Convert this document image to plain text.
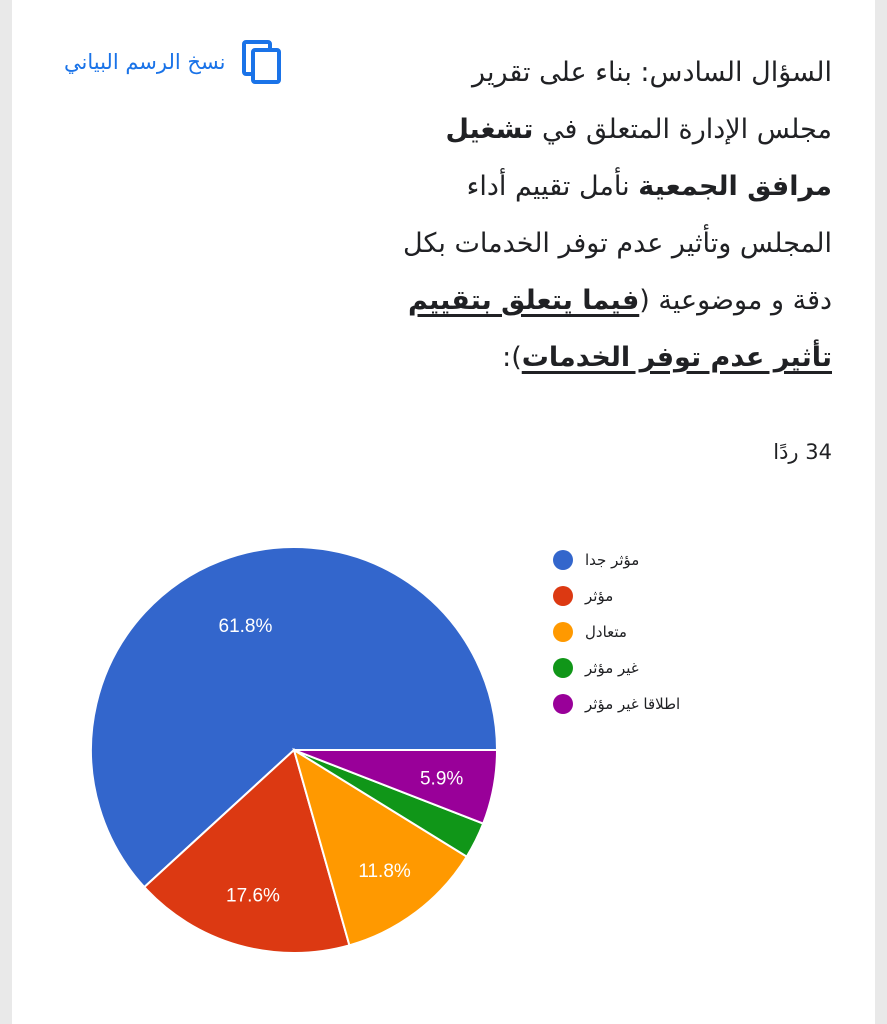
نسخ الرسم البياني	السؤال السادس: بناء على تقرير مجلس الإدارة المتعلق في تشغيل مرافق الجمعية نأمل تقييم أداء المجلس وتأثير عدم توفر الخدمات بكل دقة و موضوعية (فيما يتعلق بتقييم تأثير عدم توفر الخدمات):
34 ردًا
61.8%
17.6%
11.8%
5.9%
مؤثر جدا
مؤثر
متعادل
غير مؤثر
اطلاقا غير مؤثر
